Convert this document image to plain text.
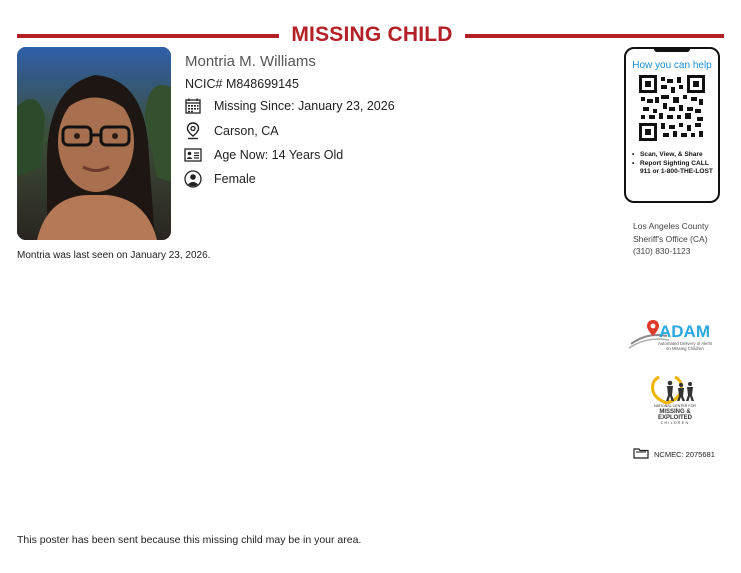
MISSING CHILD
Montria M. Williams
NCIC# M848699145
Missing Since: January 23, 2026
Carson, CA
Age Now: 14 Years Old
Female
Montria was last seen on January 23, 2026.
How you can help
• Scan, View, & Share
• Report Sighting CALL 911 or 1-800-THE-LOST
Los Angeles County
Sheriff's Office (CA)
(310) 830-1123
ADAM
Automated Delivery of Alerts
on Missing Children
NATIONAL CENTER FOR
MISSING &
EXPLOITED
CHILDREN
NCMEC: 2075681
This poster has been sent because this missing child may be in your area.
